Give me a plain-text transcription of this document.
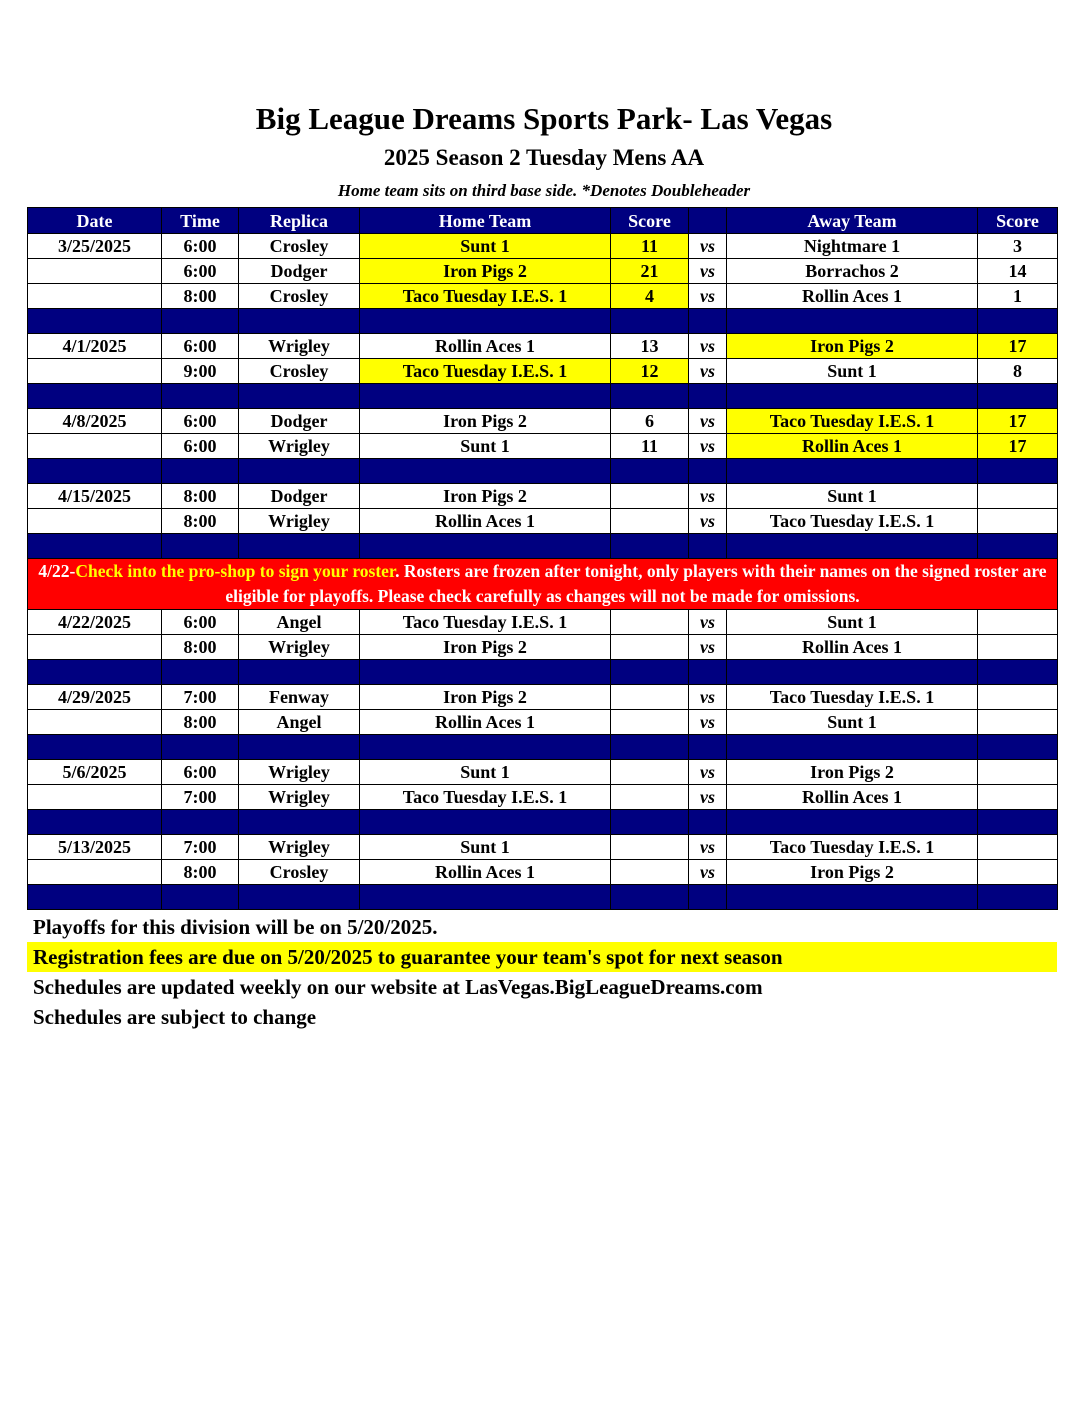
Big League Dreams Sports Park- Las Vegas
2025 Season 2 Tuesday Mens AA
Home team sits on third base side. *Denotes Doubleheader
Date	Time	Replica	Home Team	Score		Away Team	Score
3/25/2025	6:00	Crosley	Sunt 1	11	vs	Nightmare 1	3
	6:00	Dodger	Iron Pigs 2	21	vs	Borrachos 2	14
	8:00	Crosley	Taco Tuesday I.E.S. 1	4	vs	Rollin Aces 1	1

4/1/2025	6:00	Wrigley	Rollin Aces 1	13	vs	Iron Pigs 2	17
	9:00	Crosley	Taco Tuesday I.E.S. 1	12	vs	Sunt 1	8

4/8/2025	6:00	Dodger	Iron Pigs 2	6	vs	Taco Tuesday I.E.S. 1	17
	6:00	Wrigley	Sunt 1	11	vs	Rollin Aces 1	17

4/15/2025	8:00	Dodger	Iron Pigs 2		vs	Sunt 1	
	8:00	Wrigley	Rollin Aces 1		vs	Taco Tuesday I.E.S. 1	

4/22-Check into the pro-shop to sign your roster. Rosters are frozen after tonight, only players with their names on the signed roster are eligible for playoffs. Please check carefully as changes will not be made for omissions.							
4/22/2025	6:00	Angel	Taco Tuesday I.E.S. 1		vs	Sunt 1	
	8:00	Wrigley	Iron Pigs 2		vs	Rollin Aces 1	

4/29/2025	7:00	Fenway	Iron Pigs 2		vs	Taco Tuesday I.E.S. 1	
	8:00	Angel	Rollin Aces 1		vs	Sunt 1	

5/6/2025	6:00	Wrigley	Sunt 1		vs	Iron Pigs 2	
	7:00	Wrigley	Taco Tuesday I.E.S. 1		vs	Rollin Aces 1	

5/13/2025	7:00	Wrigley	Sunt 1		vs	Taco Tuesday I.E.S. 1	
	8:00	Crosley	Rollin Aces 1		vs	Iron Pigs 2	

Playoffs for this division will be on 5/20/2025.
Registration fees are due on 5/20/2025 to guarantee your team's spot for next season
Schedules are updated weekly on our website at LasVegas.BigLeagueDreams.com
Schedules are subject to change
